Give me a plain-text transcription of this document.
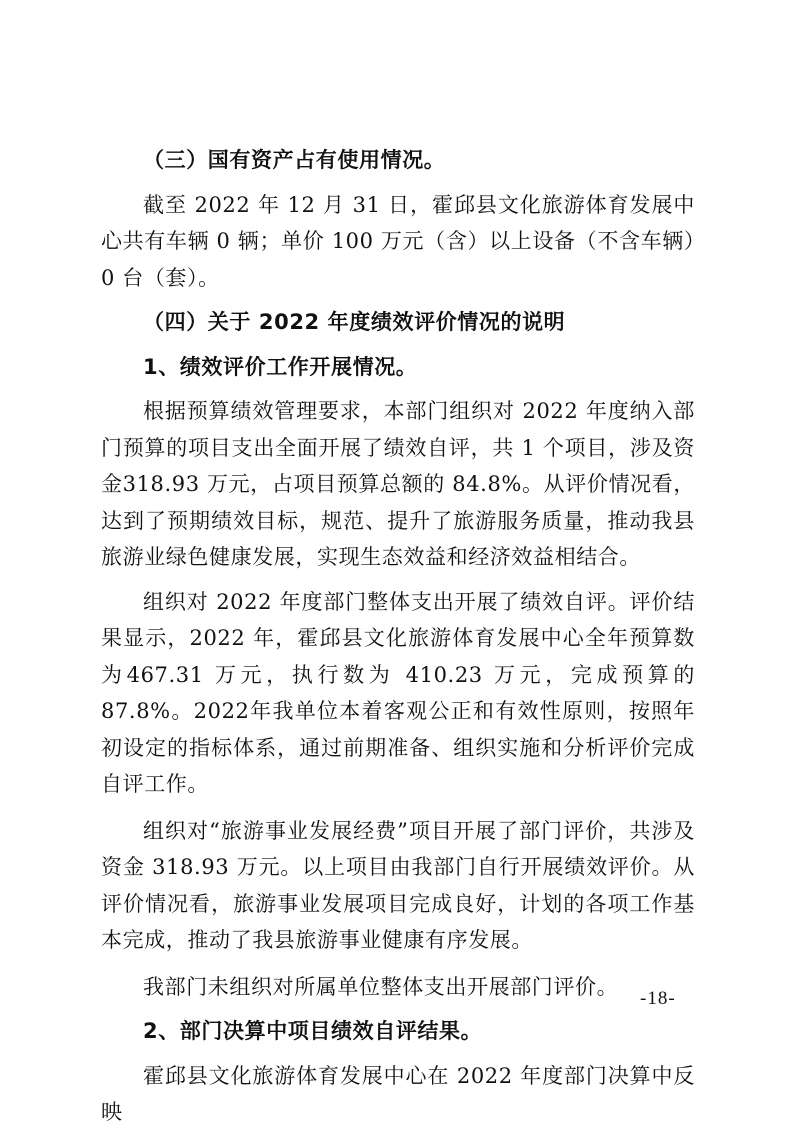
（三）国有资产占有使用情况。

截至 2022 年 12 月 31 日，霍邱县文化旅游体育发展中心共有车辆 0 辆；单价 100 万元（含）以上设备（不含车辆）0 台（套）。

（四）关于 2022 年度绩效评价情况的说明

1、绩效评价工作开展情况。

根据预算绩效管理要求，本部门组织对 2022 年度纳入部门预算的项目支出全面开展了绩效自评，共 1 个项目，涉及资金318.93 万元，占项目预算总额的 84.8%。从评价情况看，达到了预期绩效目标，规范、提升了旅游服务质量，推动我县旅游业绿色健康发展，实现生态效益和经济效益相结合。

组织对 2022 年度部门整体支出开展了绩效自评。评价结果显示，2022 年，霍邱县文化旅游体育发展中心全年预算数为467.31 万元，执行数为 410.23 万元，完成预算的 87.8%。2022年我单位本着客观公正和有效性原则，按照年初设定的指标体系，通过前期准备、组织实施和分析评价完成自评工作。

组织对“旅游事业发展经费”项目开展了部门评价，共涉及资金 318.93 万元。以上项目由我部门自行开展绩效评价。从评价情况看，旅游事业发展项目完成良好，计划的各项工作基本完成，推动了我县旅游事业健康有序发展。

我部门未组织对所属单位整体支出开展部门评价。

2、部门决算中项目绩效自评结果。

霍邱县文化旅游体育发展中心在 2022 年度部门决算中反映

-18-
